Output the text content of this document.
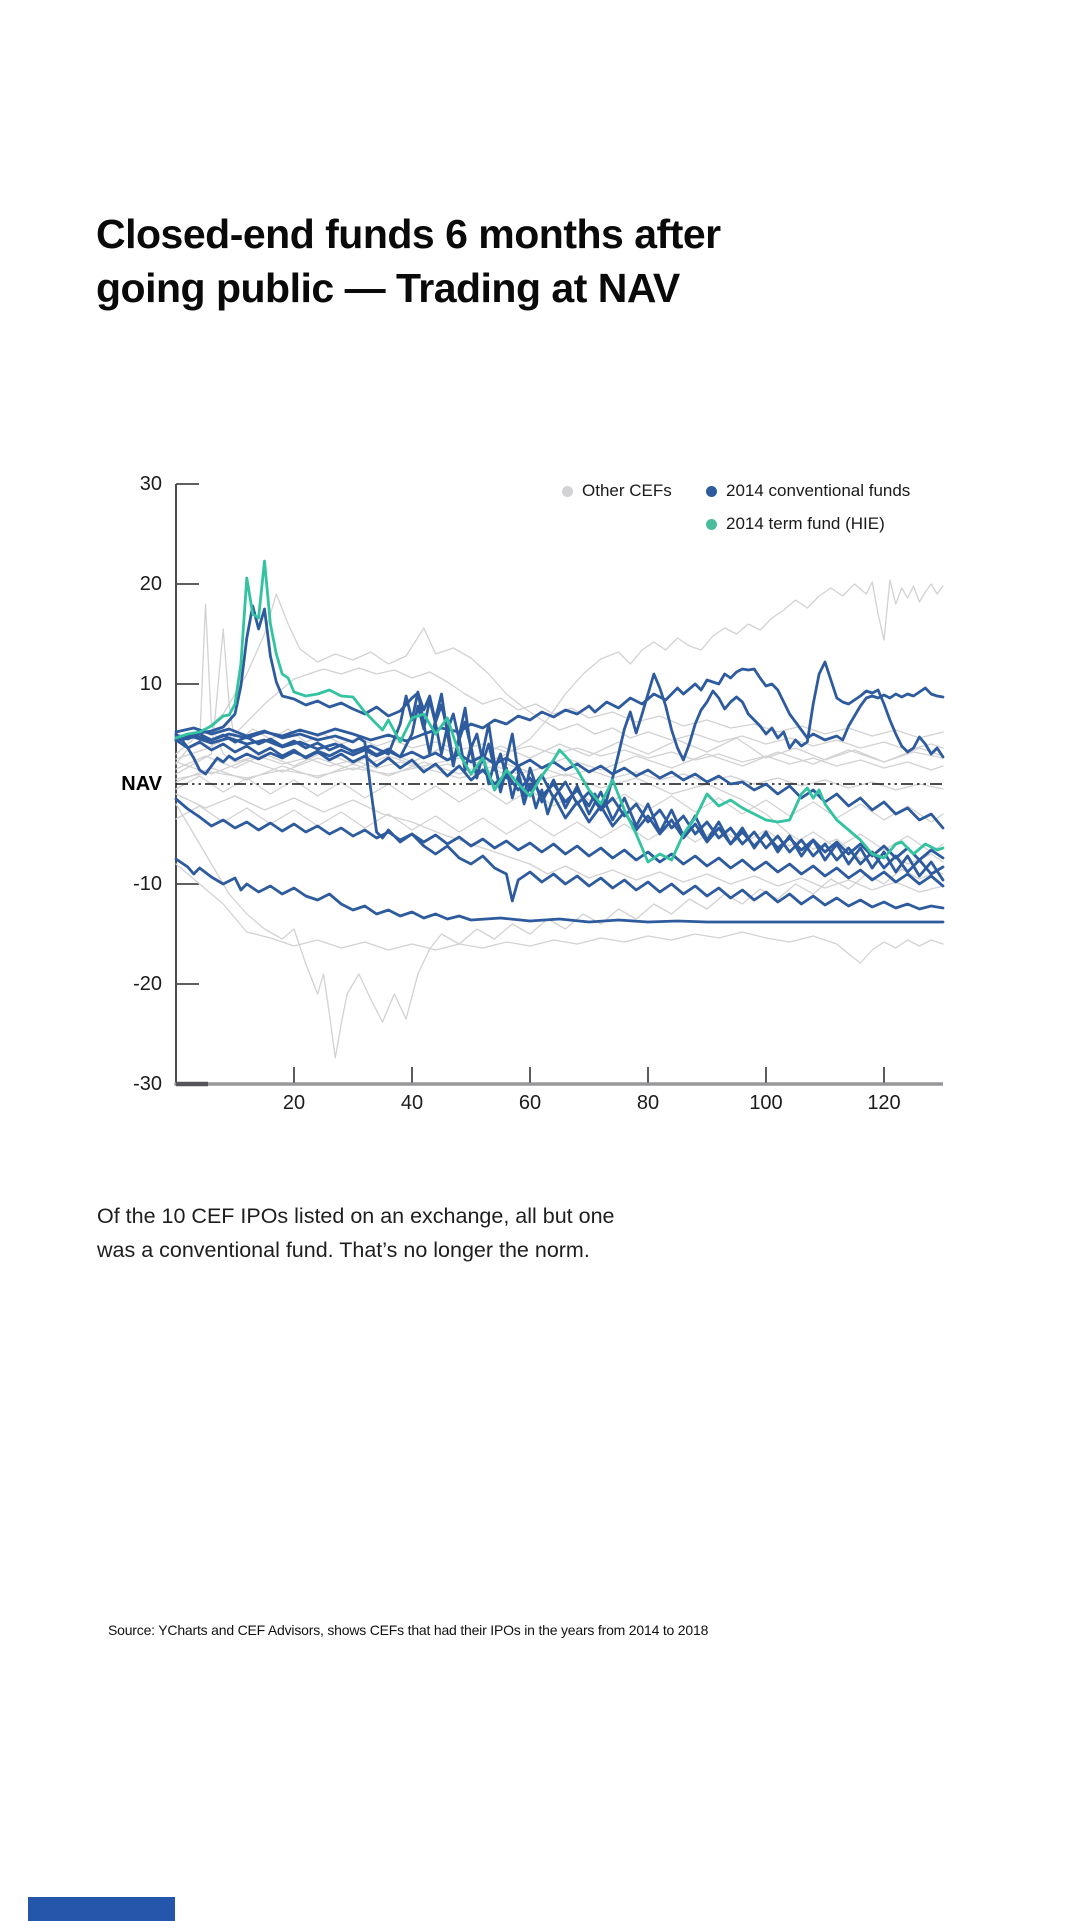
Closed-end funds 6 months after
going public — Trading at NAV
30
20
10
NAV
-10
-20
-30
20	40	60	80	100	120
Other CEFs	2014 conventional funds
2014 term fund (HIE)
Of the 10 CEF IPOs listed on an exchange, all but one
was a conventional fund. That’s no longer the norm.
Source: YCharts and CEF Advisors, shows CEFs that had their IPOs in the years from 2014 to 2018
